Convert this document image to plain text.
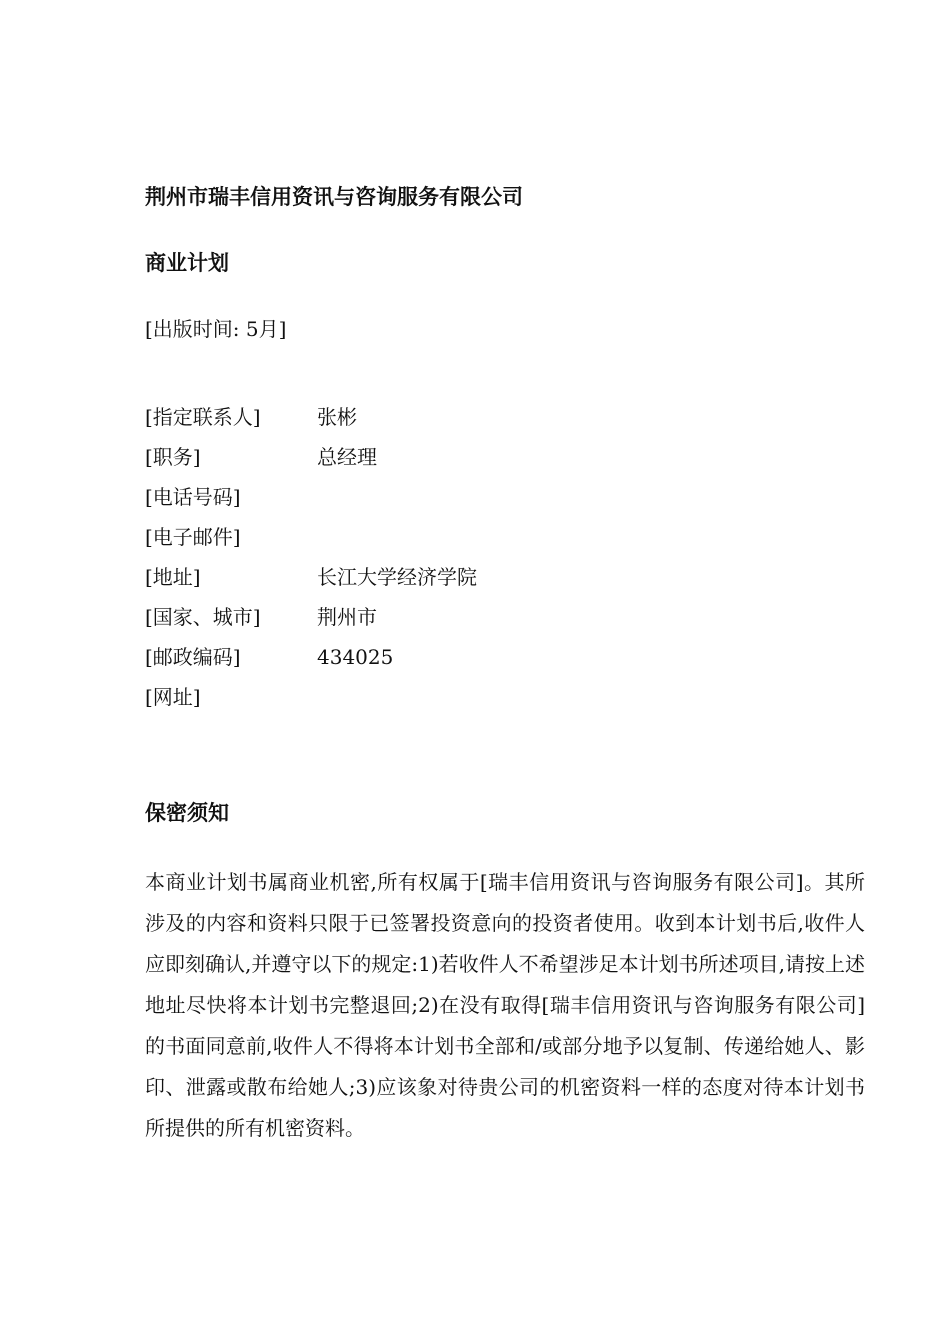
荆州市瑞丰信用资讯与咨询服务有限公司
商业计划
[出版时间: 5月]
[指定联系人]	张彬
[职务]	总经理
[电话号码]
[电子邮件]
[地址]	长江大学经济学院
[国家、城市]	荆州市
[邮政编码]	434025
[网址]
保密须知

本商业计划书属商业机密,所有权属于[瑞丰信用资讯与咨询服务有限公司]。其所涉及的内容和资料只限于已签署投资意向的投资者使用。收到本计划书后,收件人应即刻确认,并遵守以下的规定:1)若收件人不希望涉足本计划书所述项目,请按上述地址尽快将本计划书完整退回;2)在没有取得[瑞丰信用资讯与咨询服务有限公司]的书面同意前,收件人不得将本计划书全部和/或部分地予以复制、传递给她人、影印、泄露或散布给她人;3)应该象对待贵公司的机密资料一样的态度对待本计划书所提供的所有机密资料。
